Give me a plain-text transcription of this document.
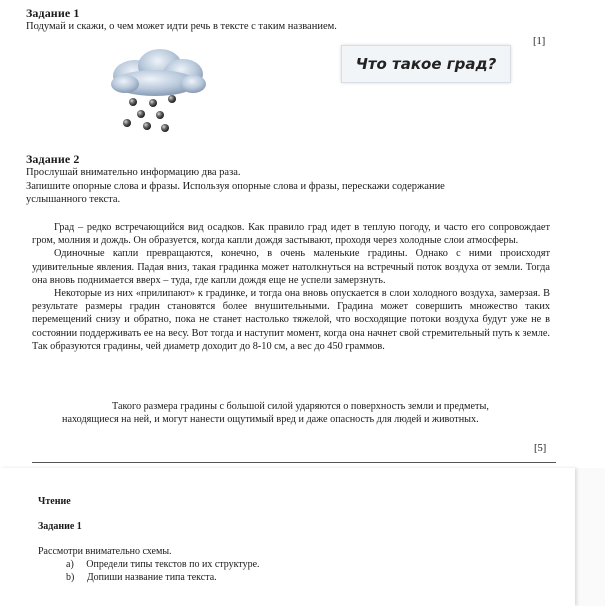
Задание 1
Подумай и скажи, о чем может идти речь в тексте с таким названием.
[1]
Что такое град?
Задание 2
Прослушай внимательно информацию два раза.
Запишите опорные слова и фразы. Используя опорные слова и фразы, перескажи содержание
услышанного текста.

Град – редко встречающийся вид осадков. Как правило град идет в теплую погоду, и часто его сопровождает гром, молния и дождь. Он образуется, когда капли дождя застывают, проходя через холодные слои атмосферы.

Одиночные капли превращаются, конечно, в очень маленькие градины. Однако с ними происходят удивительные явления. Падая вниз, такая градинка может натолкнуться на встречный поток воздуха от земли. Тогда она вновь поднимается вверх – туда, где капли дождя еще не успели замерзнуть.

Некоторые из них «прилипают» к градинке, и тогда она вновь опускается в слои холодного воздуха, замерзая. В результате размеры градин становятся более внушительными. Градина может совершить множество таких перемещений снизу и обратно, пока не станет настолько тяжелой, что восходящие потоки воздуха будут уже не в состоянии поддерживать ее на весу. Вот тогда и наступит момент, когда она начнет свой стремительный путь к земле. Так образуются градины, чей диаметр доходит до 8-10 см, а вес до 450 граммов.

Такого размера градины с большой силой ударяются о поверхность земли и предметы,
находящиеся на ней, и могут нанести ощутимый вред и даже опасность для людей и животных.
[5]
Чтение
Задание 1
Рассмотри внимательно схемы.
a) Определи типы текстов по их структуре.
b) Допиши название типа текста.
